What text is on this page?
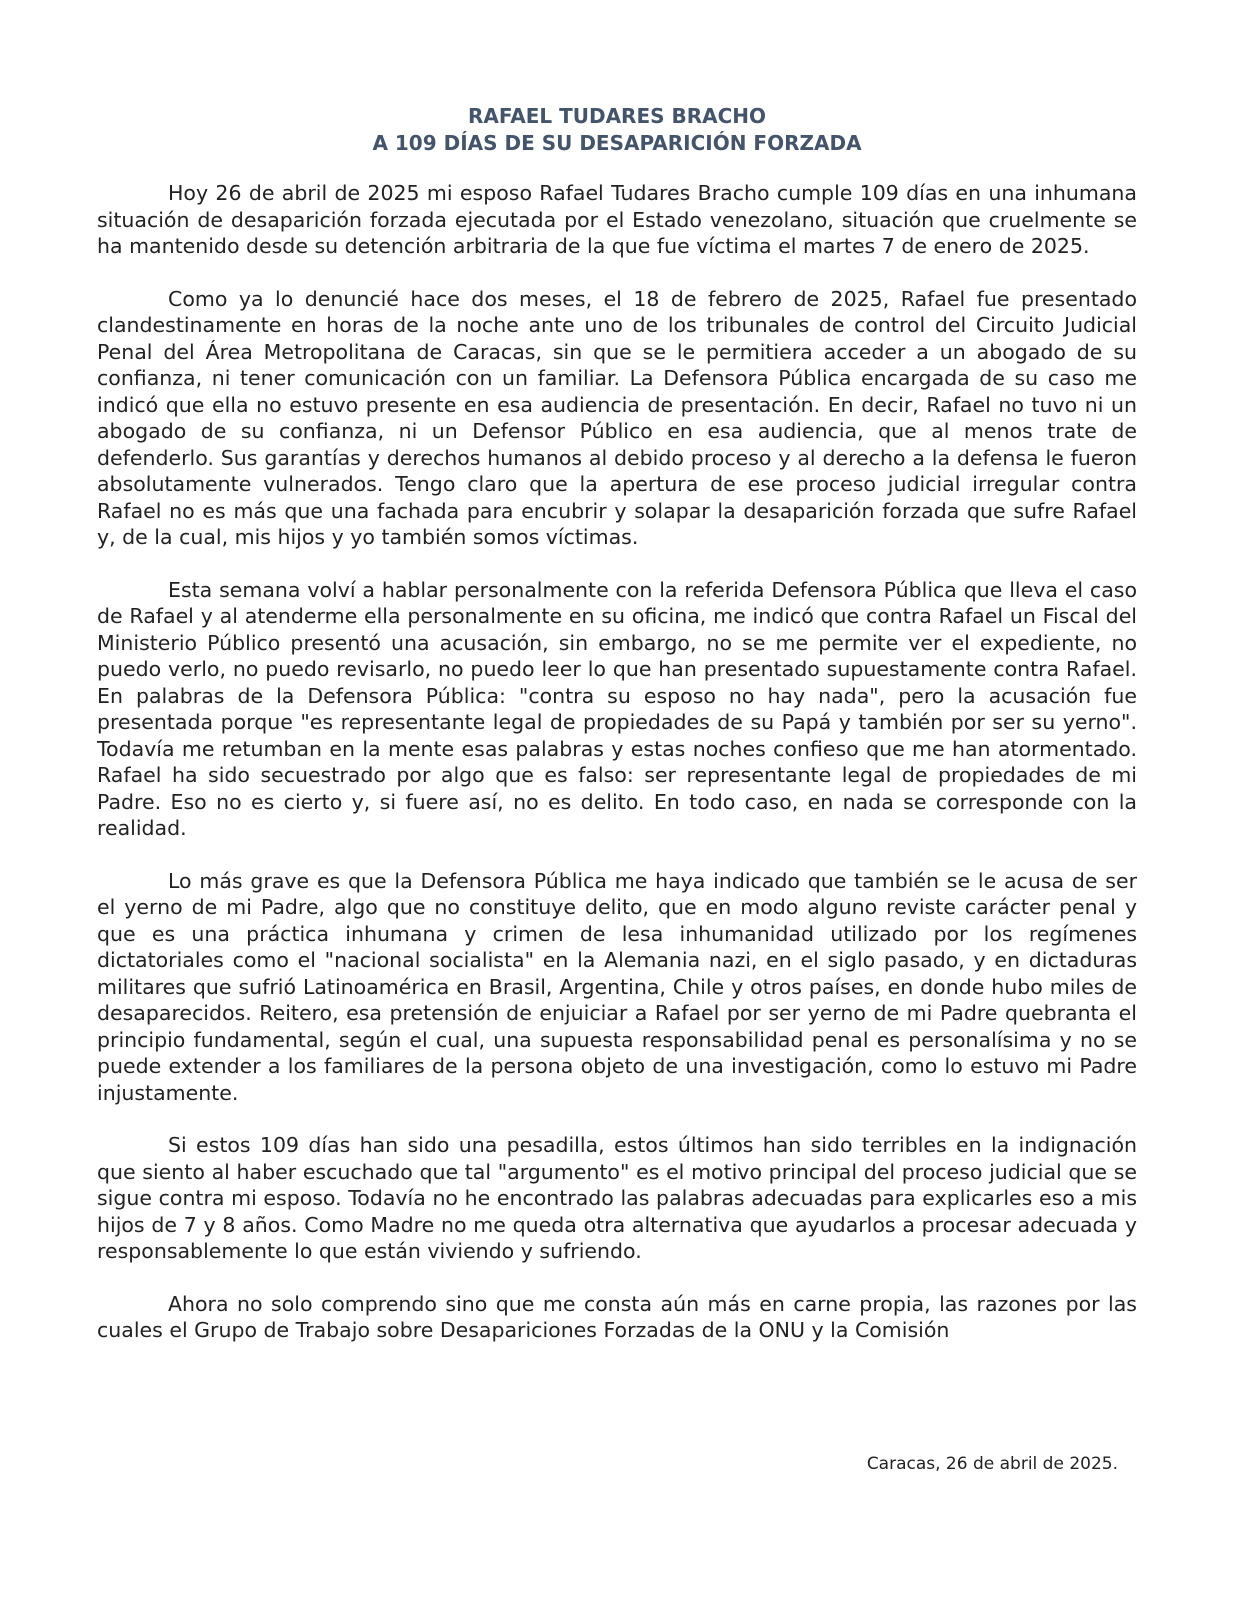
RAFAEL TUDARES BRACHO
A 109 DÍAS DE SU DESAPARICIÓN FORZADA

Hoy 26 de abril de 2025 mi esposo Rafael Tudares Bracho cumple 109 días en una inhumana situación de desaparición forzada ejecutada por el Estado venezolano, situación que cruelmente se ha mantenido desde su detención arbitraria de la que fue víctima el martes 7 de enero de 2025.

Como ya lo denuncié hace dos meses, el 18 de febrero de 2025, Rafael fue presentado clandestinamente en horas de la noche ante uno de los tribunales de control del Circuito Judicial Penal del Área Metropolitana de Caracas, sin que se le permitiera acceder a un abogado de su confianza, ni tener comunicación con un familiar. La Defensora Pública encargada de su caso me indicó que ella no estuvo presente en esa audiencia de presentación. En decir, Rafael no tuvo ni un abogado de su confianza, ni un Defensor Público en esa audiencia, que al menos trate de defenderlo. Sus garantías y derechos humanos al debido proceso y al derecho a la defensa le fueron absolutamente vulnerados. Tengo claro que la apertura de ese proceso judicial irregular contra Rafael no es más que una fachada para encubrir y solapar la desaparición forzada que sufre Rafael y, de la cual, mis hijos y yo también somos víctimas.

Esta semana volví a hablar personalmente con la referida Defensora Pública que lleva el caso de Rafael y al atenderme ella personalmente en su oficina, me indicó que contra Rafael un Fiscal del Ministerio Público presentó una acusación, sin embargo, no se me permite ver el expediente, no puedo verlo, no puedo revisarlo, no puedo leer lo que han presentado supuestamente contra Rafael. En palabras de la Defensora Pública: "contra su esposo no hay nada", pero la acusación fue presentada porque "es representante legal de propiedades de su Papá y también por ser su yerno". Todavía me retumban en la mente esas palabras y estas noches confieso que me han atormentado. Rafael ha sido secuestrado por algo que es falso: ser representante legal de propiedades de mi Padre. Eso no es cierto y, si fuere así, no es delito. En todo caso, en nada se corresponde con la realidad.

Lo más grave es que la Defensora Pública me haya indicado que también se le acusa de ser el yerno de mi Padre, algo que no constituye delito, que en modo alguno reviste carácter penal y que es una práctica inhumana y crimen de lesa inhumanidad utilizado por los regímenes dictatoriales como el "nacional socialista" en la Alemania nazi, en el siglo pasado, y en dictaduras militares que sufrió Latinoamérica en Brasil, Argentina, Chile y otros países, en donde hubo miles de desaparecidos. Reitero, esa pretensión de enjuiciar a Rafael por ser yerno de mi Padre quebranta el principio fundamental, según el cual, una supuesta responsabilidad penal es personalísima y no se puede extender a los familiares de la persona objeto de una investigación, como lo estuvo mi Padre injustamente.

Si estos 109 días han sido una pesadilla, estos últimos han sido terribles en la indignación que siento al haber escuchado que tal "argumento" es el motivo principal del proceso judicial que se sigue contra mi esposo. Todavía no he encontrado las palabras adecuadas para explicarles eso a mis hijos de 7 y 8 años. Como Madre no me queda otra alternativa que ayudarlos a procesar adecuada y responsablemente lo que están viviendo y sufriendo.

Ahora no solo comprendo sino que me consta aún más en carne propia, las razones por las cuales el Grupo de Trabajo sobre Desapariciones Forzadas de la ONU y la Comisión

Caracas, 26 de abril de 2025.
